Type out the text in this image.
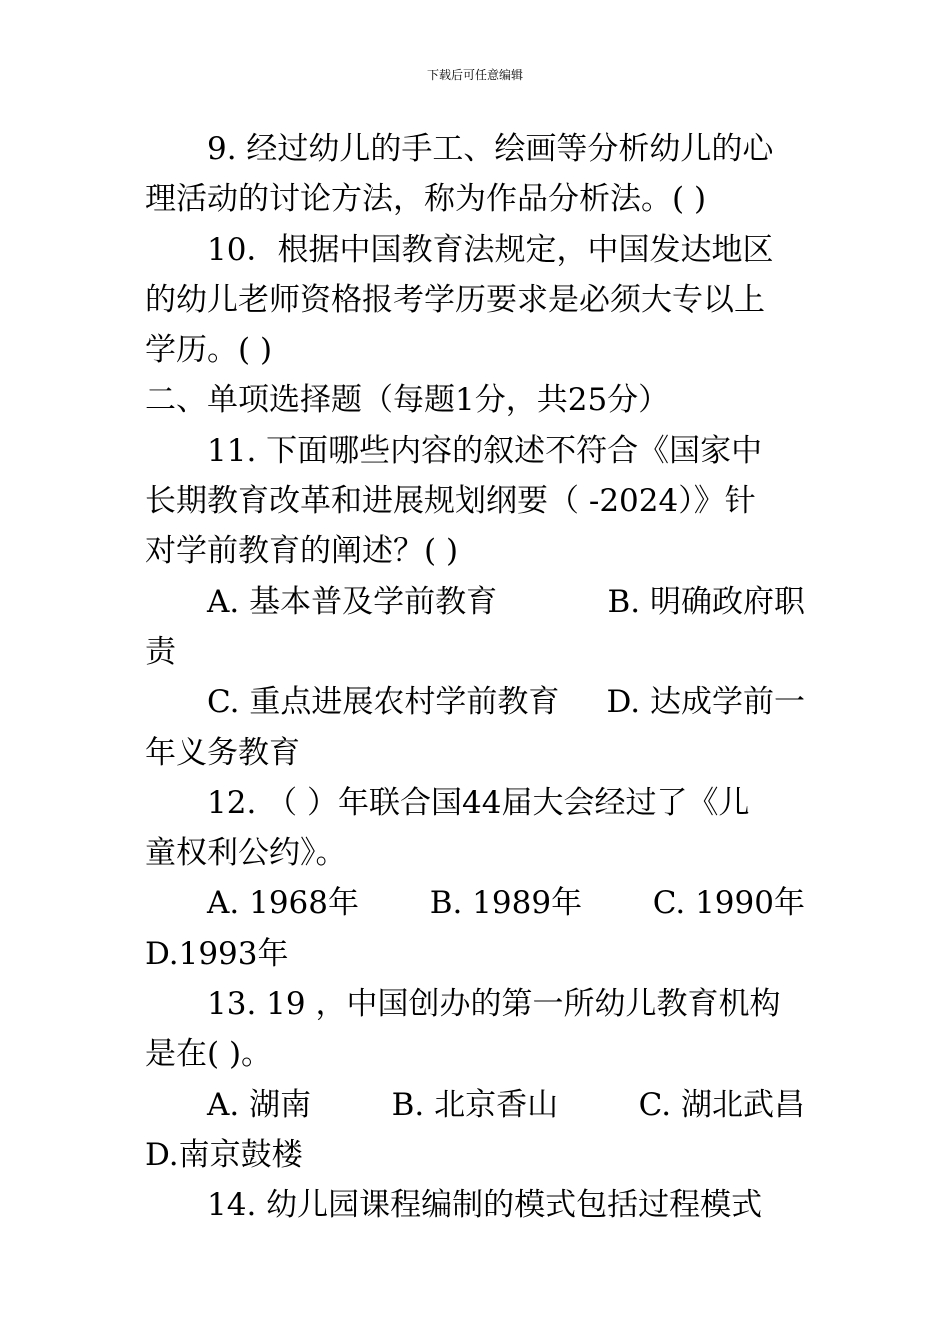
下载后可任意编辑
9. 经过幼儿的手工、绘画等分析幼儿的心
理活动的讨论方法，称为作品分析法。( )
10．根据中国教育法规定，中国发达地区
的幼儿老师资格报考学历要求是必须大专以上
学历。( )
二、单项选择题（每题1分，共25分）
11. 下面哪些内容的叙述不符合《国家中
长期教育改革和进展规划纲要（ -2024）》针
对学前教育的阐述？( )
A. 基本普及学前教育	B. 明确政府职
责
C. 重点进展农村学前教育 D. 达成学前一
年义务教育
12. （ ）年联合国44届大会经过了《儿
童权利公约》。
A. 1968年 B. 1989年 C. 1990年
D.1993年
13. 19 ，中国创办的第一所幼儿教育机构
是在( )。
A. 湖南	B. 北京香山	C. 湖北武昌
D.南京鼓楼
14. 幼儿园课程编制的模式包括过程模式
